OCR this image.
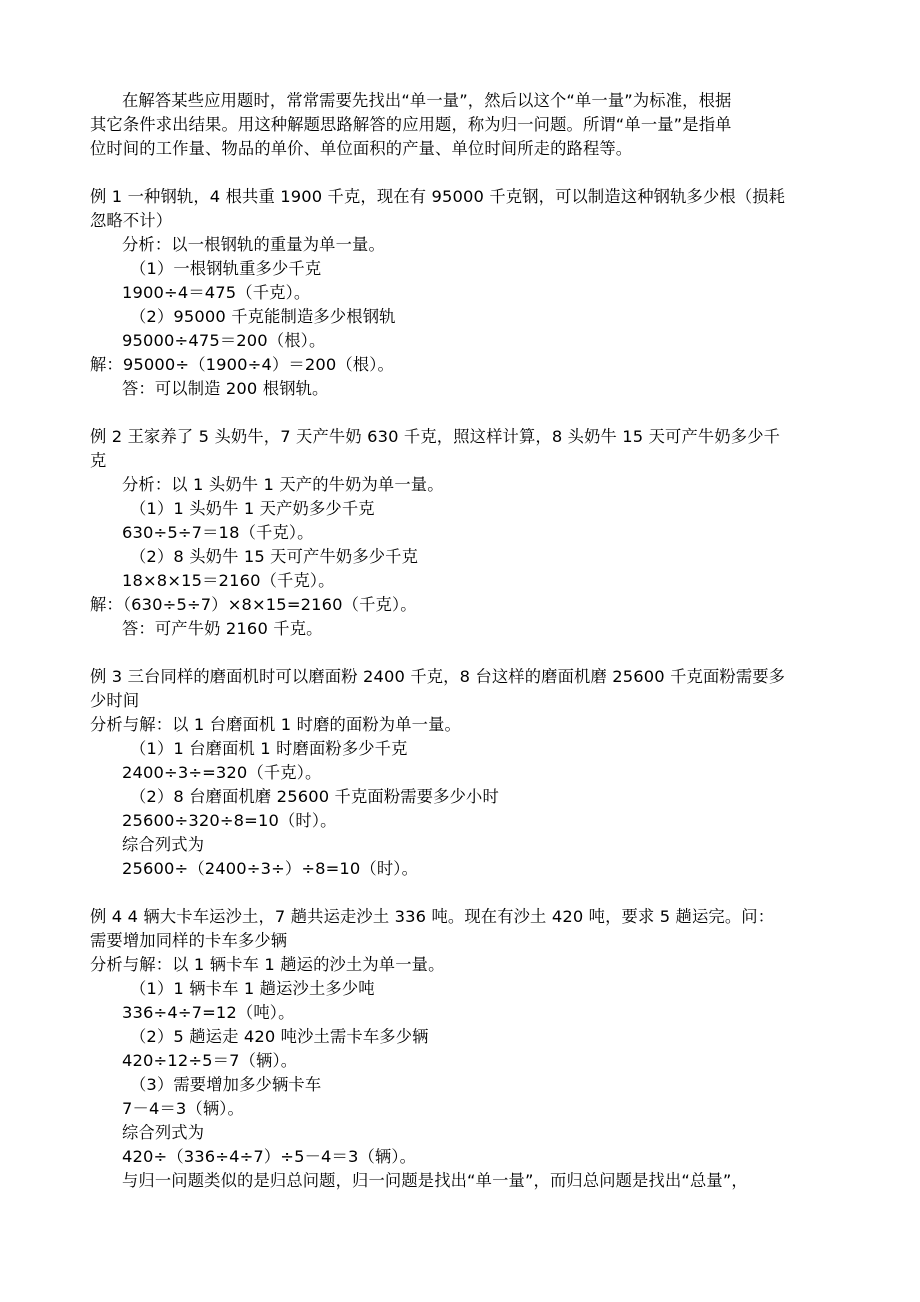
在解答某些应用题时，常常需要先找出“单一量”，然后以这个“单一量”为标准，根据
其它条件求出结果。用这种解题思路解答的应用题，称为归一问题。所谓“单一量”是指单
位时间的工作量、物品的单价、单位面积的产量、单位时间所走的路程等。
例 1 一种钢轨，4 根共重 1900 千克，现在有 95000 千克钢，可以制造这种钢轨多少根（损耗
忽略不计）
分析：以一根钢轨的重量为单一量。
（1）一根钢轨重多少千克
1900÷4＝475（千克）。
（2）95000 千克能制造多少根钢轨
95000÷475＝200（根）。
解：95000÷（1900÷4）＝200（根）。
答：可以制造 200 根钢轨。
例 2 王家养了 5 头奶牛，7 天产牛奶 630 千克，照这样计算，8 头奶牛 15 天可产牛奶多少千
克
分析：以 1 头奶牛 1 天产的牛奶为单一量。
（1）1 头奶牛 1 天产奶多少千克
630÷5÷7＝18（千克）。
（2）8 头奶牛 15 天可产牛奶多少千克
18×8×15＝2160（千克）。
解：（630÷5÷7）×8×15=2160（千克）。
答：可产牛奶 2160 千克。
例 3 三台同样的磨面机时可以磨面粉 2400 千克，8 台这样的磨面机磨 25600 千克面粉需要多
少时间
分析与解：以 1 台磨面机 1 时磨的面粉为单一量。
（1）1 台磨面机 1 时磨面粉多少千克
2400÷3÷=320（千克）。
（2）8 台磨面机磨 25600 千克面粉需要多少小时
25600÷320÷8=10（时）。
综合列式为
25600÷（2400÷3÷）÷8=10（时）。
例 4 4 辆大卡车运沙土，7 趟共运走沙土 336 吨。现在有沙土 420 吨，要求 5 趟运完。问：
需要增加同样的卡车多少辆
分析与解：以 1 辆卡车 1 趟运的沙土为单一量。
（1）1 辆卡车 1 趟运沙土多少吨
336÷4÷7=12（吨）。
（2）5 趟运走 420 吨沙土需卡车多少辆
420÷12÷5＝7（辆）。
（3）需要增加多少辆卡车
7－4＝3（辆）。
综合列式为
420÷（336÷4÷7）÷5－4＝3（辆）。
与归一问题类似的是归总问题，归一问题是找出“单一量”，而归总问题是找出“总量”，
